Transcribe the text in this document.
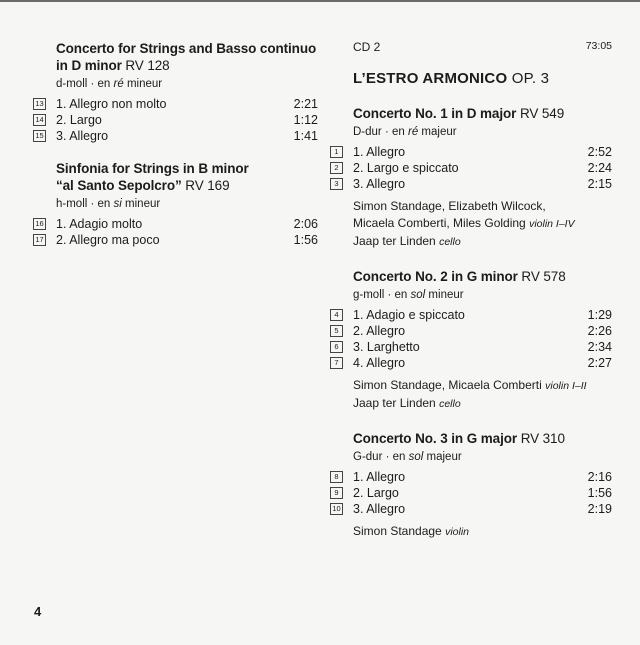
Concerto for Strings and Basso continuo
in D minor RV 128
d-moll · en ré mineur
13 1. Allegro non molto	2:21
14 2. Largo	1:12
15 3. Allegro	1:41
Sinfonia for Strings in B minor
“al Santo Sepolcro” RV 169
h-moll · en si mineur
16 1. Adagio molto	2:06
17 2. Allegro ma poco	1:56
CD 2	73:05
L’ESTRO ARMONICO OP. 3
Concerto No. 1 in D major RV 549
D-dur · en ré majeur
1	1. Allegro	2:52
2	2. Largo e spiccato	2:24
3	3. Allegro	2:15
Simon Standage, Elizabeth Wilcock,
Micaela Comberti, Miles Golding violin I–IV
Jaap ter Linden cello
Concerto No. 2 in G minor RV 578
g-moll · en sol mineur
4	1. Adagio e spiccato	1:29
5	2. Allegro	2:26
6	3. Larghetto	2:34
7	4. Allegro	2:27
Simon Standage, Micaela Comberti violin I–II
Jaap ter Linden cello
Concerto No. 3 in G major RV 310
G-dur · en sol majeur
8	1. Allegro	2:16
9	2. Largo	1:56
10 3. Allegro	2:19
Simon Standage violin
4
